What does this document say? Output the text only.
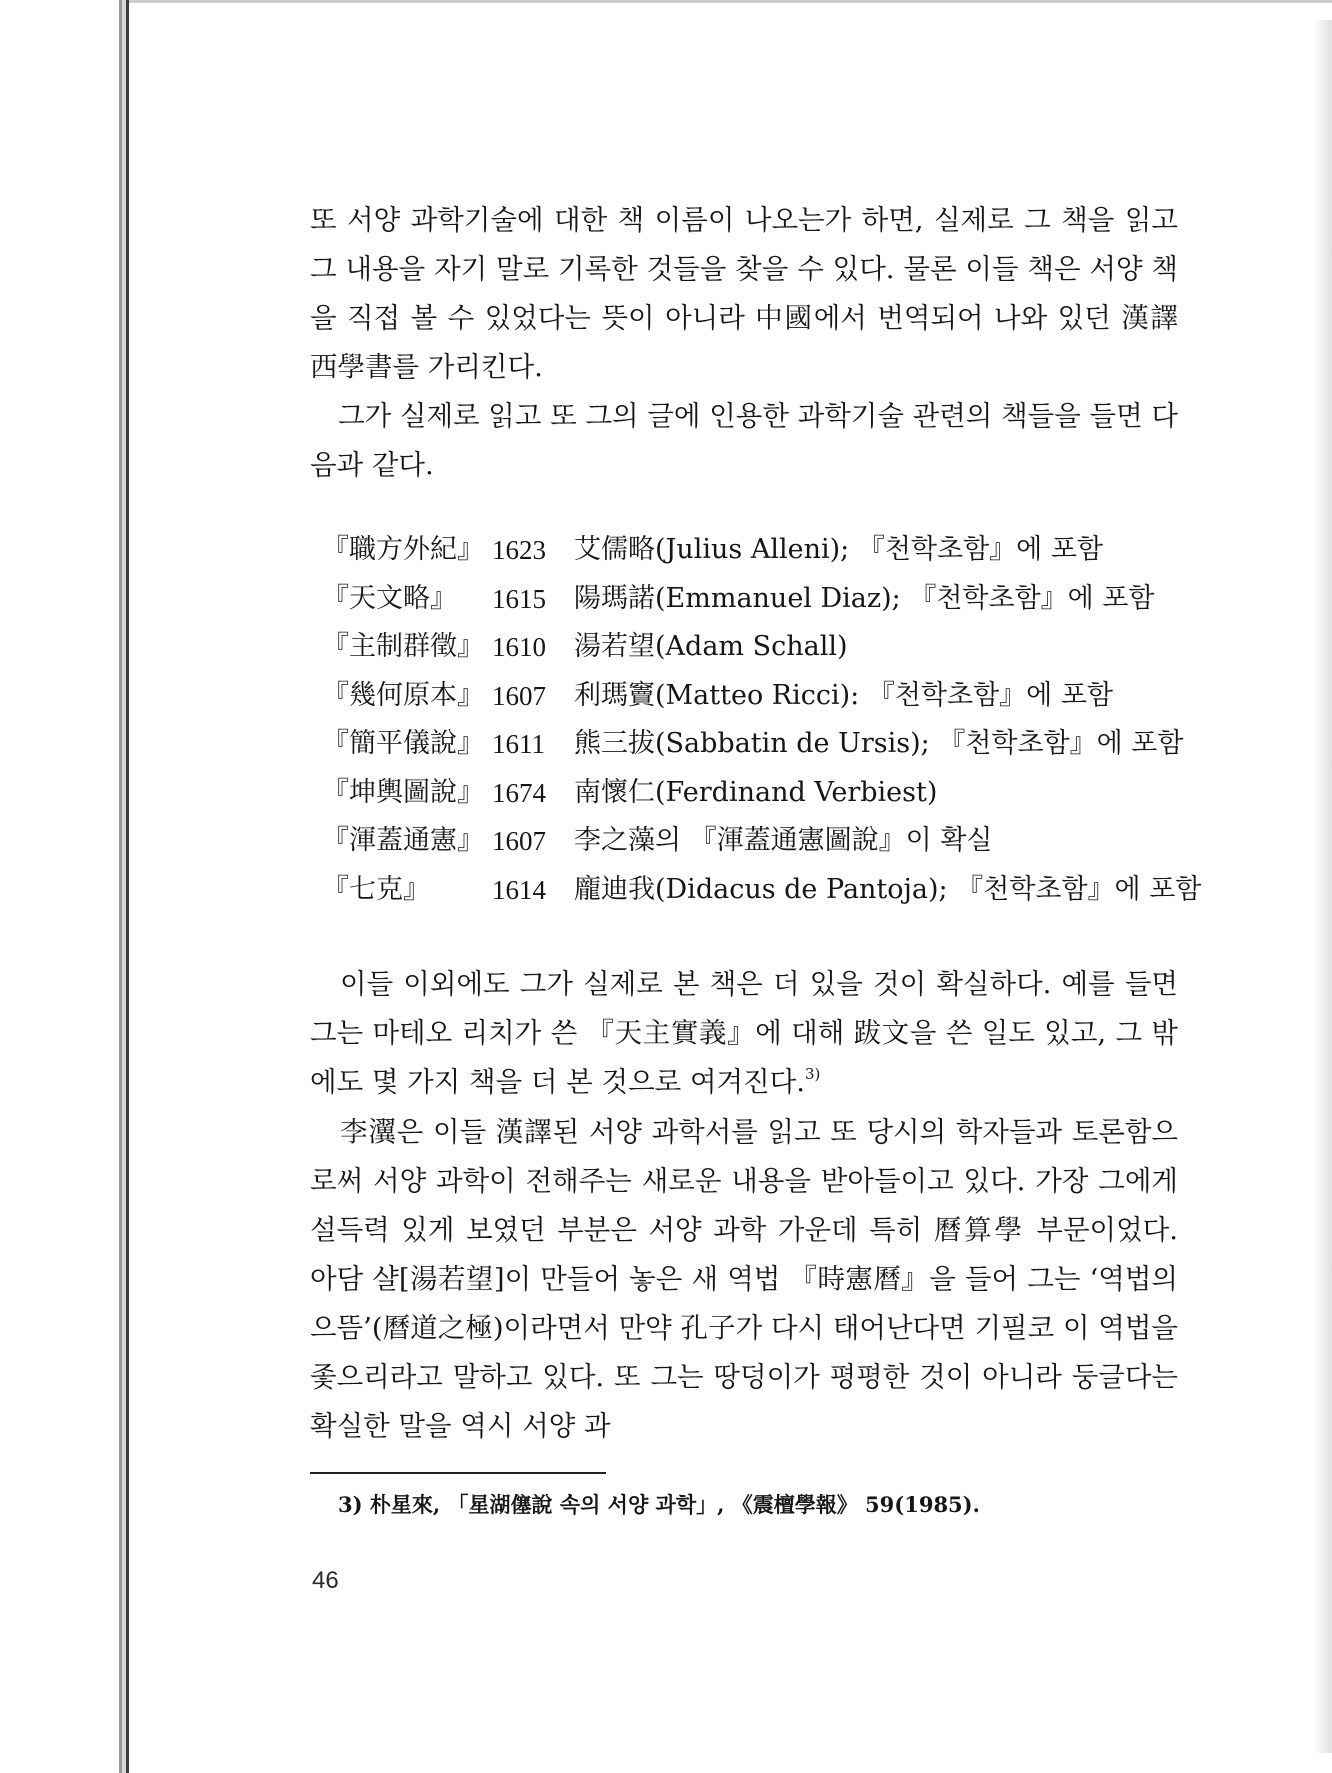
또 서양 과학기술에 대한 책 이름이 나오는가 하면, 실제로 그 책을 읽고 그 내용을 자기 말로 기록한 것들을 찾을 수 있다. 물론 이들 책은 서양 책을 직접 볼 수 있었다는 뜻이 아니라 中國에서 번역되어 나와 있던 漢譯 西學書를 가리킨다.

그가 실제로 읽고 또 그의 글에 인용한 과학기술 관련의 책들을 들면 다음과 같다.

『職方外紀』 1623 艾儒略(Julius Alleni); 『천학초함』에 포함
『天文略』 1615 陽瑪諾(Emmanuel Diaz); 『천학초함』에 포함
『主制群徵』 1610 湯若望(Adam Schall)
『幾何原本』 1607 利瑪竇(Matteo Ricci): 『천학초함』에 포함
『簡平儀說』 1611 熊三拔(Sabbatin de Ursis); 『천학초함』에 포함
『坤輿圖說』 1674 南懷仁(Ferdinand Verbiest)
『渾蓋通憲』 1607 李之藻의 『渾蓋通憲圖說』이 확실
『七克』 1614 龐迪我(Didacus de Pantoja); 『천학초함』에 포함

이들 이외에도 그가 실제로 본 책은 더 있을 것이 확실하다. 예를 들면 그는 마테오 리치가 쓴 『天主實義』에 대해 跋文을 쓴 일도 있고, 그 밖에도 몇 가지 책을 더 본 것으로 여겨진다.$^{3)}$

李瀷은 이들 漢譯된 서양 과학서를 읽고 또 당시의 학자들과 토론함으로써 서양 과학이 전해주는 새로운 내용을 받아들이고 있다. 가장 그에게 설득력 있게 보였던 부분은 서양 과학 가운데 특히 曆算學 부문이었다. 아담 샬[湯若望]이 만들어 놓은 새 역법 『時憲曆』을 들어 그는 ‘역법의 으뜸’(曆道之極)이라면서 만약 孔子가 다시 태어난다면 기필코 이 역법을 좇으리라고 말하고 있다. 또 그는 땅덩이가 평평한 것이 아니라 둥글다는 확실한 말을 역시 서양 과

3) 朴星來, 「星湖僿說 속의 서양 과학」, 《震檀學報》 59(1985).

46
